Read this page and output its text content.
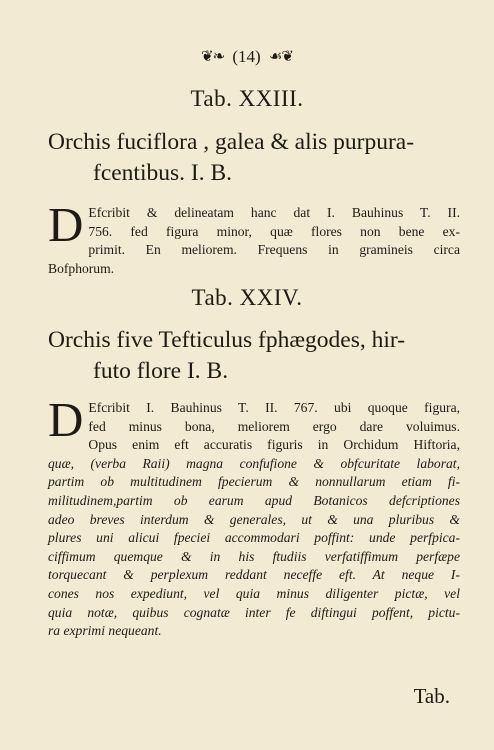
❦❧ (14) ☙❦
Tab. XXIII.
Orchis fuciflora , galea & alis purpura-
fcentibus. I. B.
D Efcribit & delineatam hanc dat I. Bauhinus T. II.
756. fed figura minor, quæ flores non bene ex-
primit. En meliorem. Frequens in gramineis circa
Bofphorum.
Tab. XXIV.
Orchis five Tefticulus fphægodes, hir-
futo flore I. B.
D Efcribit I. Bauhinus T. II. 767. ubi quoque figura,
fed minus bona, meliorem ergo dare voluimus.
Opus enim eft accuratis figuris in Orchidum Hiftoria,
quæ, (verba Raii) magna confufione & obfcuritate laborat,
partim ob multitudinem fpecierum & nonnullarum etiam fi-
militudinem,partim ob earum apud Botanicos defcriptiones
adeo breves interdum & generales, ut & una pluribus &
plures uni alicui fpeciei accommodari poffint: unde perfpica-
ciffimum quemque & in his ftudiis verfatiffimum perfæpe
torquecant & perplexum reddant neceffe eft. At neque I-
cones nos expediunt, vel quia minus diligenter pictæ, vel
quia notæ, quibus cognatæ inter fe diftingui poffent, pictu-
ra exprimi nequeant.
Tab.
